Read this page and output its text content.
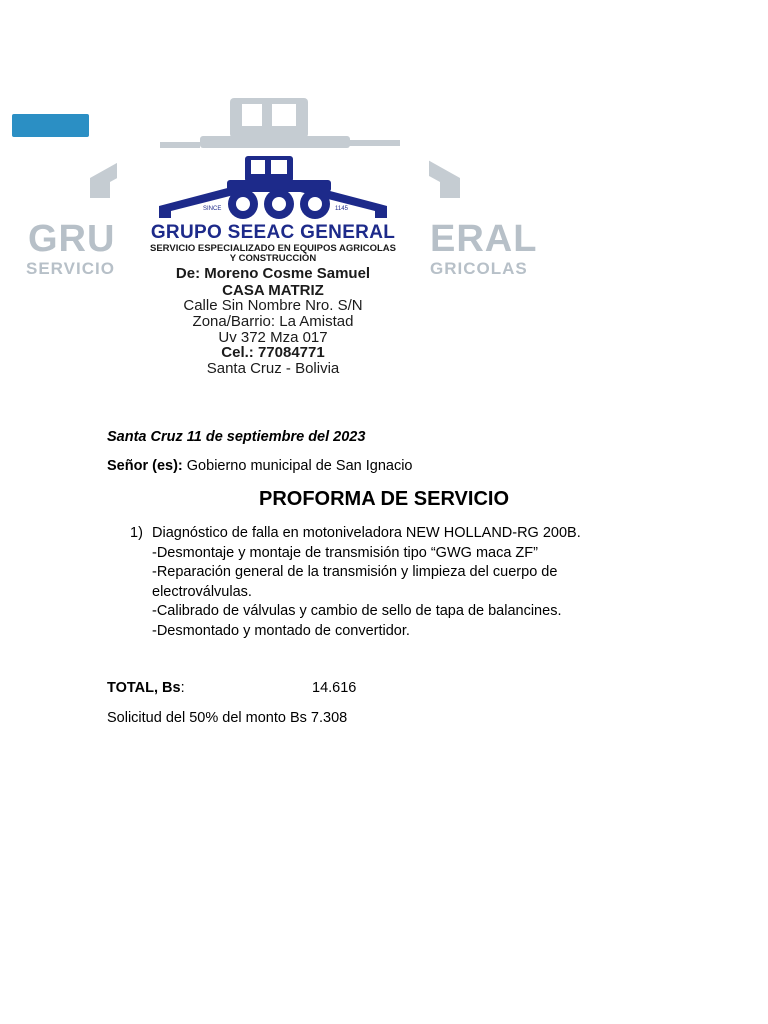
GRU	ERAL
SERVICIO	GRICOLAS
SINCE	1145
GRUPO SEEAC GENERAL
SERVICIO ESPECIALIZADO EN EQUIPOS AGRICOLAS
Y CONSTRUCCIÓN
De: Moreno Cosme Samuel
CASA MATRIZ
Calle Sin Nombre Nro. S/N
Zona/Barrio: La Amistad
Uv 372 Mza 017
Cel.: 77084771
Santa Cruz - Bolivia
Santa Cruz 11 de septiembre del 2023
Señor (es): Gobierno municipal de San Ignacio
PROFORMA DE SERVICIO
1) Diagnóstico de falla en motoniveladora NEW HOLLAND-RG 200B.
-Desmontaje y montaje de transmisión tipo “GWG maca ZF”
-Reparación general de la transmisión y limpieza del cuerpo de
electroválvulas.
-Calibrado de válvulas y cambio de sello de tapa de balancines.
-Desmontado y montado de convertidor.
TOTAL, Bs:	14.616
Solicitud del 50% del monto Bs 7.308
